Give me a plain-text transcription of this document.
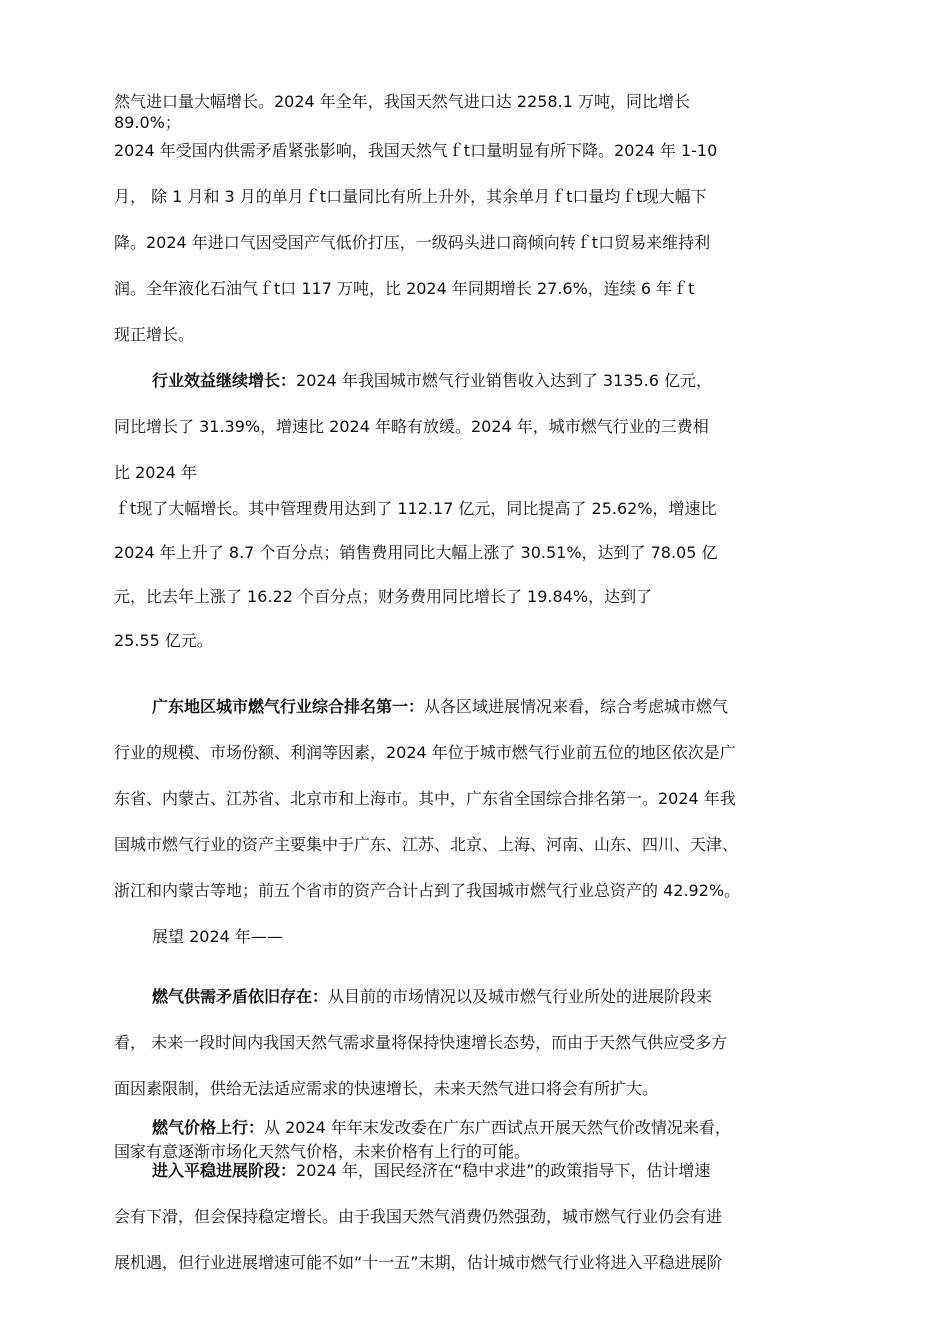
然气进口量大幅增长。2024 年全年，我国天然气进口达 2258.1 万吨，同比增长

89.0%；

2024 年受国内供需矛盾紧张影响，我国天然气ｆt口量明显有所下降。2024 年 1-10

月， 除 1 月和 3 月的单月ｆt口量同比有所上升外，其余单月ｆt口量均ｆt现大幅下

降。2024 年进口气因受国产气低价打压，一级码头进口商倾向转ｆt口贸易来维持利

润。全年液化石油气ｆt口 117 万吨，比 2024 年同期增长 27.6%，连续 6 年ｆt

现正增长。

行业效益继续增长：2024 年我国城市燃气行业销售收入达到了 3135.6 亿元，

同比增长了 31.39%，增速比 2024 年略有放缓。2024 年，城市燃气行业的三费相

比 2024 年

ｆt现了大幅增长。其中管理费用达到了 112.17 亿元，同比提高了 25.62%，增速比

2024 年上升了 8.7 个百分点；销售费用同比大幅上涨了 30.51%，达到了 78.05 亿

元，比去年上涨了 16.22 个百分点；财务费用同比增长了 19.84%，达到了

25.55 亿元。

广东地区城市燃气行业综合排名第一：从各区域进展情况来看，综合考虑城市燃气

行业的规模、市场份额、利润等因素，2024 年位于城市燃气行业前五位的地区依次是广

东省、内蒙古、江苏省、北京市和上海市。其中，广东省全国综合排名第一。2024 年我

国城市燃气行业的资产主要集中于广东、江苏、北京、上海、河南、山东、四川、天津、

浙江和内蒙古等地；前五个省市的资产合计占到了我国城市燃气行业总资产的 42.92%。

展望 2024 年——

燃气供需矛盾依旧存在：从目前的市场情况以及城市燃气行业所处的进展阶段来

看， 未来一段时间内我国天然气需求量将保持快速增长态势，而由于天然气供应受多方

面因素限制，供给无法适应需求的快速增长，未来天然气进口将会有所扩大。

燃气价格上行：从 2024 年年末发改委在广东广西试点开展天然气价改情况来看，

国家有意逐渐市场化天然气价格，未来价格有上行的可能。

进入平稳进展阶段：2024 年，国民经济在“稳中求进”的政策指导下，估计增速

会有下滑，但会保持稳定增长。由于我国天然气消费仍然强劲，城市燃气行业仍会有进

展机遇，但行业进展增速可能不如“十一五”末期，估计城市燃气行业将进入平稳进展阶
